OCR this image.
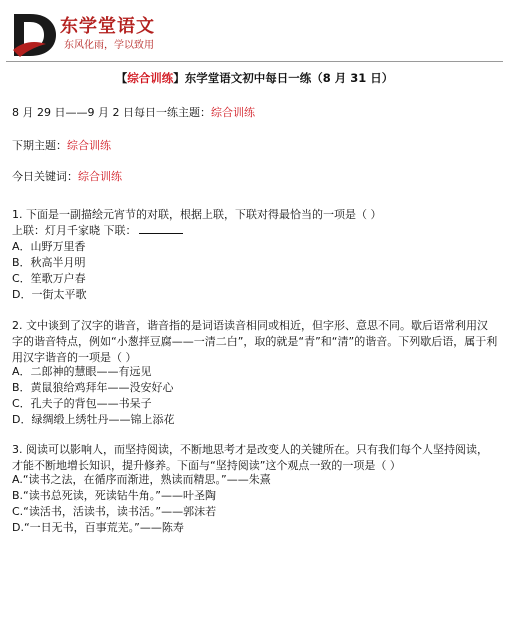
东学堂语文
东风化雨，学以致用
【综合训练】东学堂语文初中每日一练（8 月 31 日）
8 月 29 日——9 月 2 日每日一练主题：综合训练
下期主题：综合训练
今日关键词：综合训练
1. 下面是一副描绘元宵节的对联，根据上联，下联对得最恰当的一项是（ ）
上联：灯月千家晓 下联：
A．山野万里香
B．秋高半月明
C．笙歌万户春
D．一街太平歌
2. 文中谈到了汉字的谐音，谐音指的是词语读音相同或相近，但字形、意思不同。歇后语常利用汉字的谐音特点，例如“小葱拌豆腐——一清二白”，取的就是“青”和“清”的谐音。下列歇后语，属于利用汉字谐音的一项是（ ）
A．二郎神的慧眼——有远见
B．黄鼠狼给鸡拜年——没安好心
C．孔夫子的背包——书呆子
D．绿绸缎上绣牡丹——锦上添花
3. 阅读可以影响人，而坚持阅读，不断地思考才是改变人的关键所在。只有我们每个人坚持阅读，才能不断地增长知识，提升修养。下面与“坚持阅读”这个观点一致的一项是（ ）
A.“读书之法，在循序而渐进，熟读而精思。”——朱熹
B.“读书总死读，死读钻牛角。”——叶圣陶
C.“读活书，活读书，读书活。”——郭沫若
D.“一日无书，百事荒芜。”——陈寿
